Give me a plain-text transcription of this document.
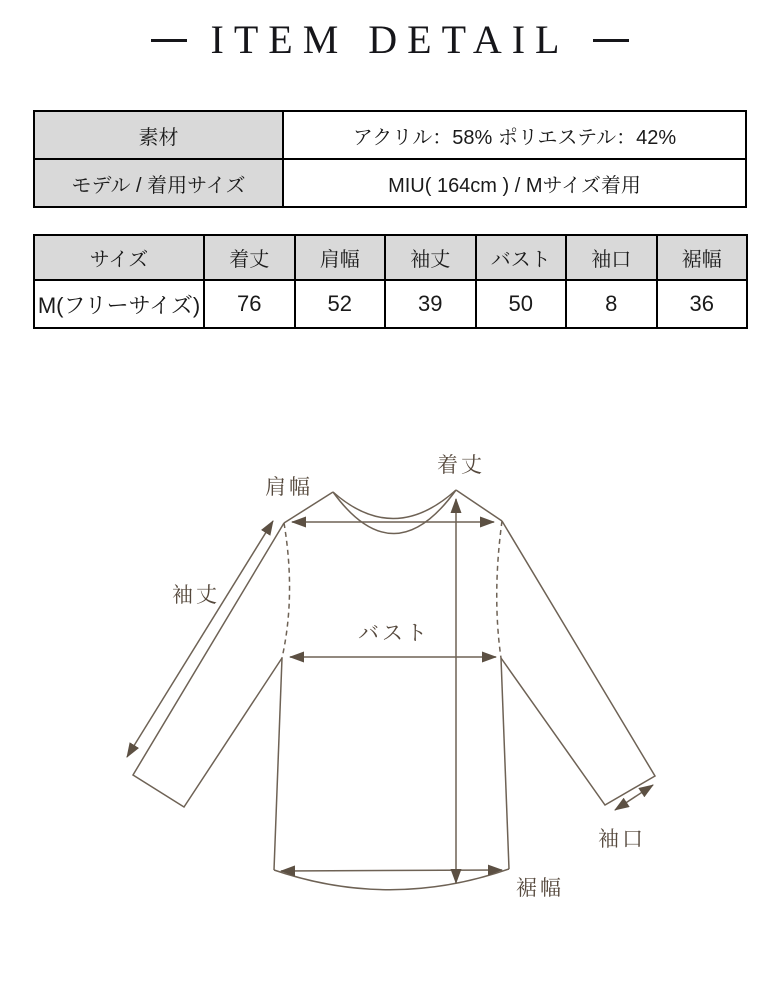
ITEM DETAIL
素材	アクリル：58% ポリエステル：42%
モデル / 着用サイズ	MIU( 164cm ) / Mサイズ着用
サイズ	着丈	肩幅	袖丈	バスト	袖口	裾幅
M(フリーサイズ)	76	52	39	50	8	36
着丈
肩幅
袖丈
バスト
袖口
裾幅
